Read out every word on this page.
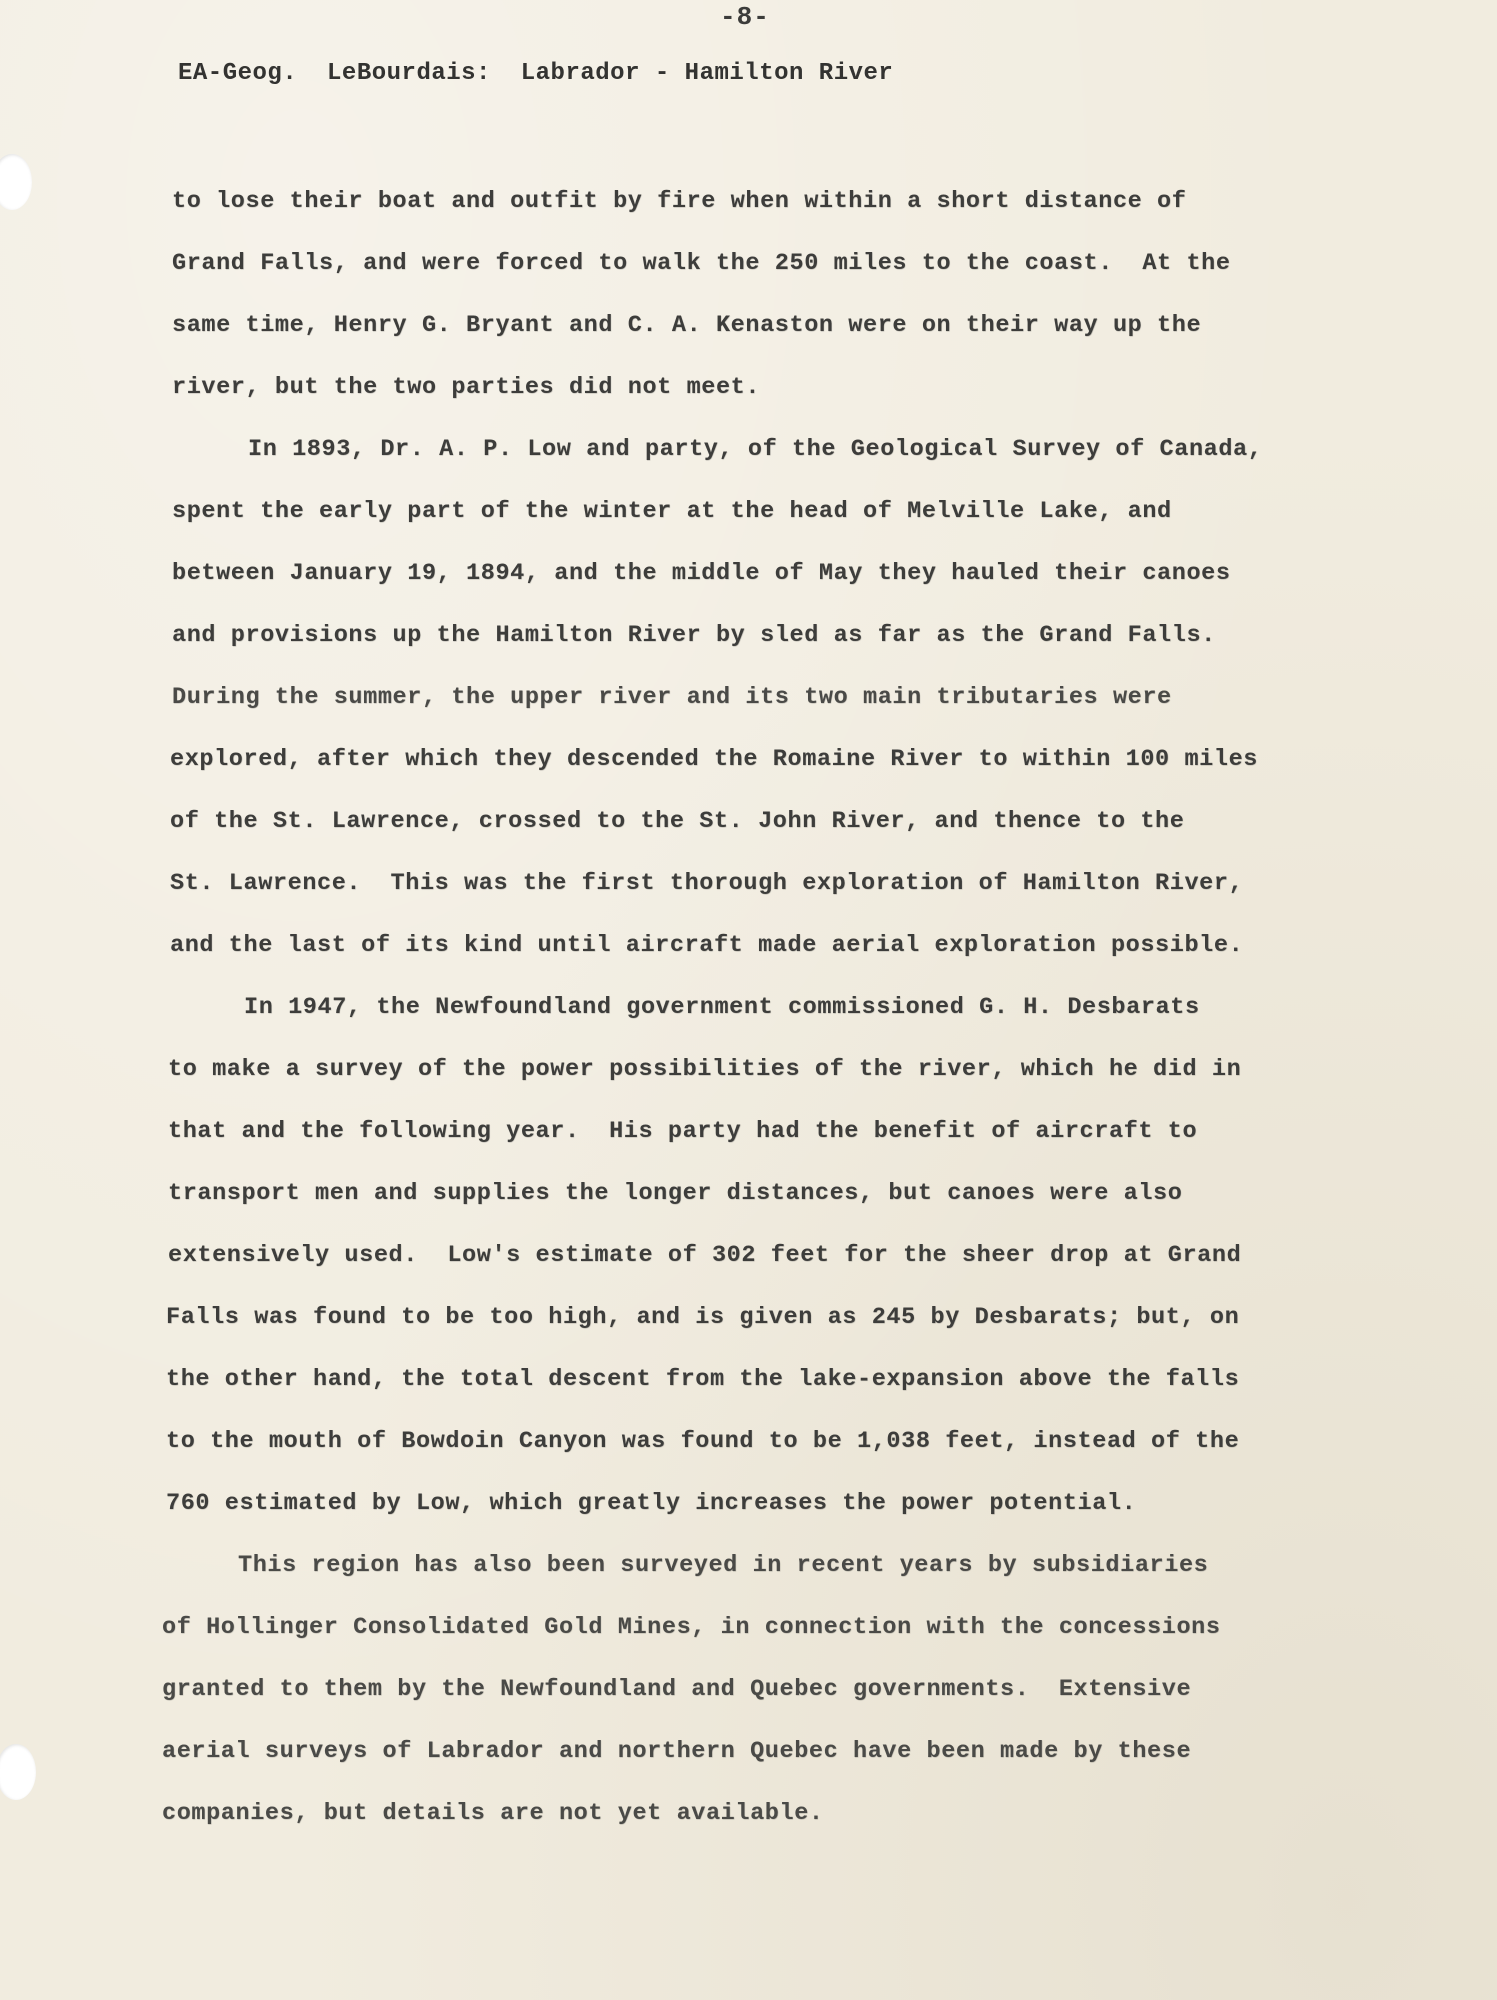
-8-
EA-Geog.  LeBourdais:  Labrador - Hamilton River
to lose their boat and outfit by fire when within a short distance of
Grand Falls, and were forced to walk the 250 miles to the coast.  At the
same time, Henry G. Bryant and C. A. Kenaston were on their way up the
river, but the two parties did not meet.
In 1893, Dr. A. P. Low and party, of the Geological Survey of Canada,
spent the early part of the winter at the head of Melville Lake, and
between January 19, 1894, and the middle of May they hauled their canoes
and provisions up the Hamilton River by sled as far as the Grand Falls.
During the summer, the upper river and its two main tributaries were
explored, after which they descended the Romaine River to within 100 miles
of the St. Lawrence, crossed to the St. John River, and thence to the
St. Lawrence.  This was the first thorough exploration of Hamilton River,
and the last of its kind until aircraft made aerial exploration possible.
In 1947, the Newfoundland government commissioned G. H. Desbarats
to make a survey of the power possibilities of the river, which he did in
that and the following year.  His party had the benefit of aircraft to
transport men and supplies the longer distances, but canoes were also
extensively used.  Low's estimate of 302 feet for the sheer drop at Grand
Falls was found to be too high, and is given as 245 by Desbarats; but, on
the other hand, the total descent from the lake-expansion above the falls
to the mouth of Bowdoin Canyon was found to be 1,038 feet, instead of the
760 estimated by Low, which greatly increases the power potential.
This region has also been surveyed in recent years by subsidiaries
of Hollinger Consolidated Gold Mines, in connection with the concessions
granted to them by the Newfoundland and Quebec governments.  Extensive
aerial surveys of Labrador and northern Quebec have been made by these
companies, but details are not yet available.
